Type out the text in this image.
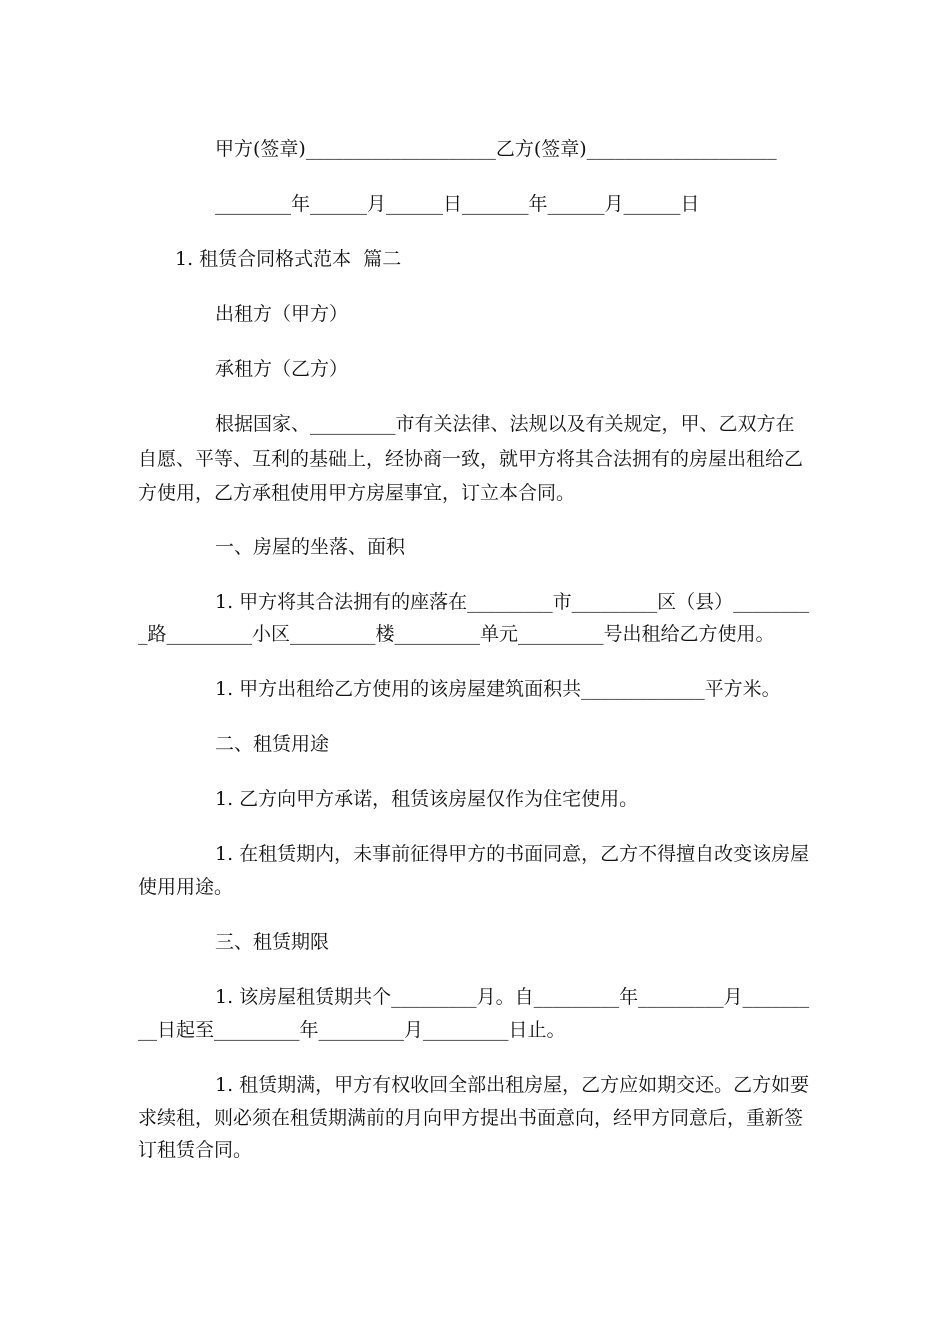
甲方(签章)____________________乙方(签章)____________________
________年______月______日_______年______月______日
1. 租赁合同格式范本  篇二
出租方（甲方）
承租方（乙方）
根据国家、_________市有关法律、法规以及有关规定，甲、乙双方在
自愿、平等、互利的基础上，经协商一致，就甲方将其合法拥有的房屋出租给乙
方使用，乙方承租使用甲方房屋事宜，订立本合同。
一、房屋的坐落、面积
1. 甲方将其合法拥有的座落在_________市_________区（县）________
_路_________小区_________楼_________单元_________号出租给乙方使用。
1. 甲方出租给乙方使用的该房屋建筑面积共_____________平方米。
二、租赁用途
1. 乙方向甲方承诺，租赁该房屋仅作为住宅使用。
1. 在租赁期内，未事前征得甲方的书面同意，乙方不得擅自改变该房屋
使用用途。
三、租赁期限
1. 该房屋租赁期共个_________月。自_________年_________月_______
__日起至_________年_________月_________日止。
1. 租赁期满，甲方有权收回全部出租房屋，乙方应如期交还。乙方如要
求续租，则必须在租赁期满前的月向甲方提出书面意向，经甲方同意后，重新签
订租赁合同。
